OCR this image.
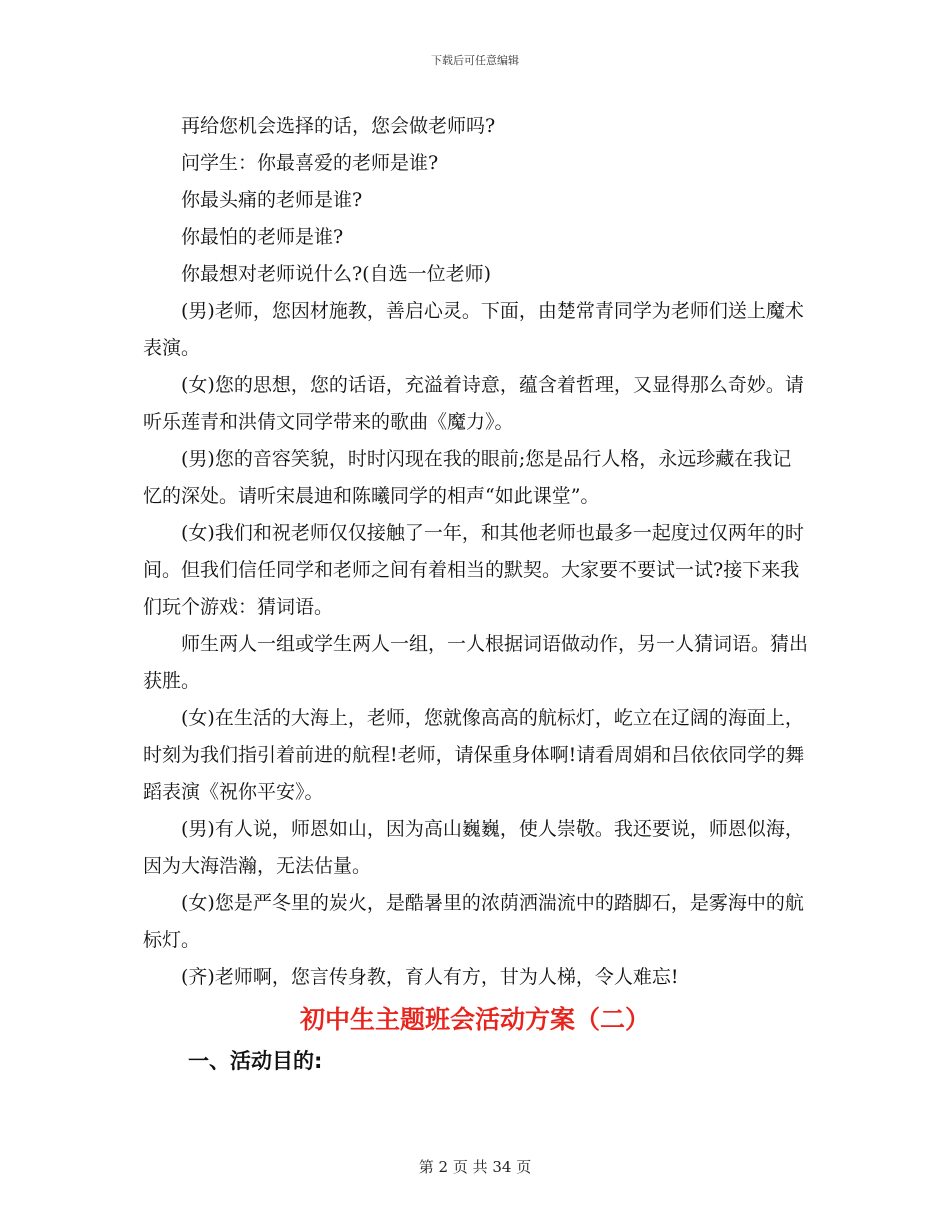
下载后可任意编辑

再给您机会选择的话，您会做老师吗?

问学生：你最喜爱的老师是谁?

你最头痛的老师是谁?

你最怕的老师是谁?

你最想对老师说什么?(自选一位老师)

(男)老师，您因材施教，善启心灵。下面，由楚常青同学为老师们送上魔术表演。

(女)您的思想，您的话语，充溢着诗意，蕴含着哲理，又显得那么奇妙。请听乐莲青和洪倩文同学带来的歌曲《魔力》。

(男)您的音容笑貌，时时闪现在我的眼前;您是品行人格，永远珍藏在我记忆的深处。请听宋晨迪和陈曦同学的相声“如此课堂”。

(女)我们和祝老师仅仅接触了一年，和其他老师也最多一起度过仅两年的时间。但我们信任同学和老师之间有着相当的默契。大家要不要试一试?接下来我们玩个游戏：猜词语。

师生两人一组或学生两人一组，一人根据词语做动作，另一人猜词语。猜出获胜。

(女)在生活的大海上，老师，您就像高高的航标灯，屹立在辽阔的海面上，时刻为我们指引着前进的航程!老师，请保重身体啊!请看周娟和吕依依同学的舞蹈表演《祝你平安》。

(男)有人说，师恩如山，因为高山巍巍，使人崇敬。我还要说，师恩似海，因为大海浩瀚，无法估量。

(女)您是严冬里的炭火，是酷暑里的浓荫洒湍流中的踏脚石，是雾海中的航标灯。

(齐)老师啊，您言传身教，育人有方，甘为人梯，令人难忘!

初中生主题班会活动方案（二）
一、活动目的:
第 2 页 共 34 页
